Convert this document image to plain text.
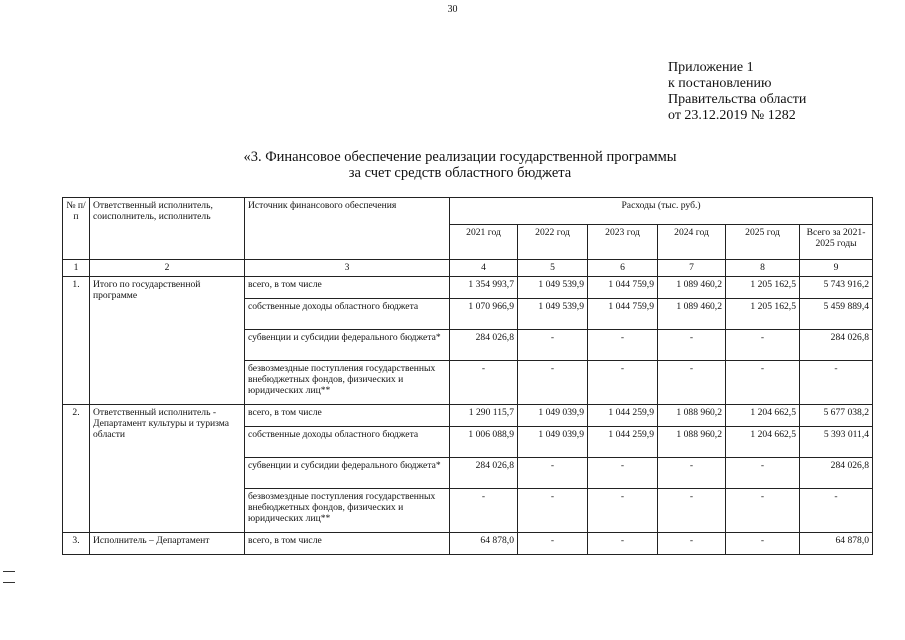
30
Приложение 1
к постановлению
Правительства области
от 23.12.2019 № 1282
«3. Финансовое обеспечение реализации государственной программы
за счет средств областного бюджета
№ п/п	Ответственный исполнитель, соисполнитель, исполнитель	Источник финансового обеспечения	Расходы (тыс. руб.)					
			2021 год	2022 год	2023 год	2024 год	2025 год	Всего за 2021-2025 годы
1	2	3	4	5	6	7	8	9
1.	Итого по государственной программе	всего, в том числе	1 354 993,7	1 049 539,9	1 044 759,9	1 089 460,2	1 205 162,5	5 743 916,2
		собственные доходы областного бюджета	1 070 966,9	1 049 539,9	1 044 759,9	1 089 460,2	1 205 162,5	5 459 889,4
		субвенции и субсидии федерального бюджета*	284 026,8	-	-	-	-	284 026,8
		безвозмездные поступления государственных внебюджетных фондов, физических и юридических лиц**	-	-	-	-	-	-
2.	Ответственный исполнитель - Департамент культуры и туризма области	всего, в том числе	1 290 115,7	1 049 039,9	1 044 259,9	1 088 960,2	1 204 662,5	5 677 038,2
		собственные доходы областного бюджета	1 006 088,9	1 049 039,9	1 044 259,9	1 088 960,2	1 204 662,5	5 393 011,4
		субвенции и субсидии федерального бюджета*	284 026,8	-	-	-	-	284 026,8
		безвозмездные поступления государственных внебюджетных фондов, физических и юридических лиц**	-	-	-	-	-	-
3.	Исполнитель – Департамент	всего, в том числе	64 878,0	-	-	-	-	64 878,0
